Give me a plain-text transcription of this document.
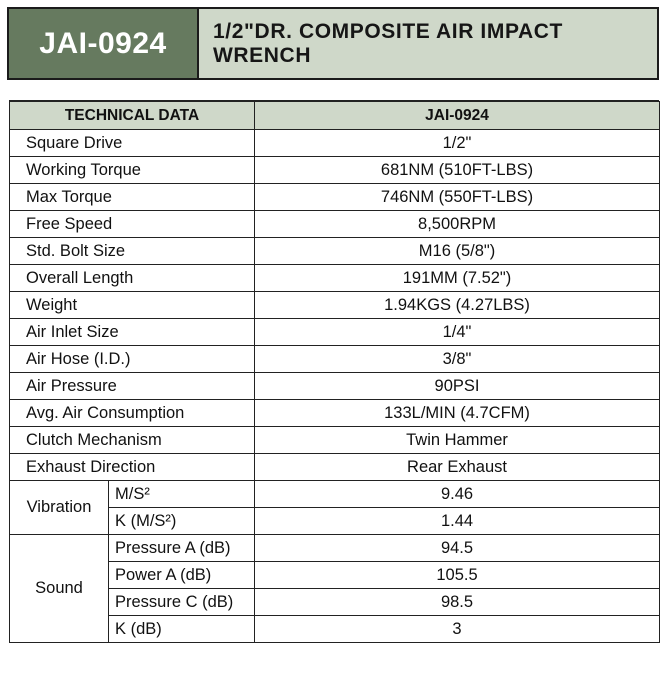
JAI-0924 1/2"DR. COMPOSITE AIR IMPACT WRENCH
TECHNICAL DATA		JAI-0924
Square Drive		1/2"
Working Torque		681NM (510FT-LBS)
Max Torque		746NM (550FT-LBS)
Free Speed		8,500RPM
Std. Bolt Size		M16 (5/8")
Overall Length		191MM (7.52")
Weight		1.94KGS (4.27LBS)
Air Inlet Size		1/4"
Air Hose (I.D.)		3/8"
Air Pressure		90PSI
Avg. Air Consumption		133L/MIN (4.7CFM)
Clutch Mechanism		Twin Hammer
Exhaust Direction		Rear Exhaust
Vibration	M/S²	9.46
	K (M/S²)	1.44
Sound	Pressure A (dB)	94.5
	Power A (dB)	105.5
	Pressure C (dB)	98.5
	K (dB)	3
